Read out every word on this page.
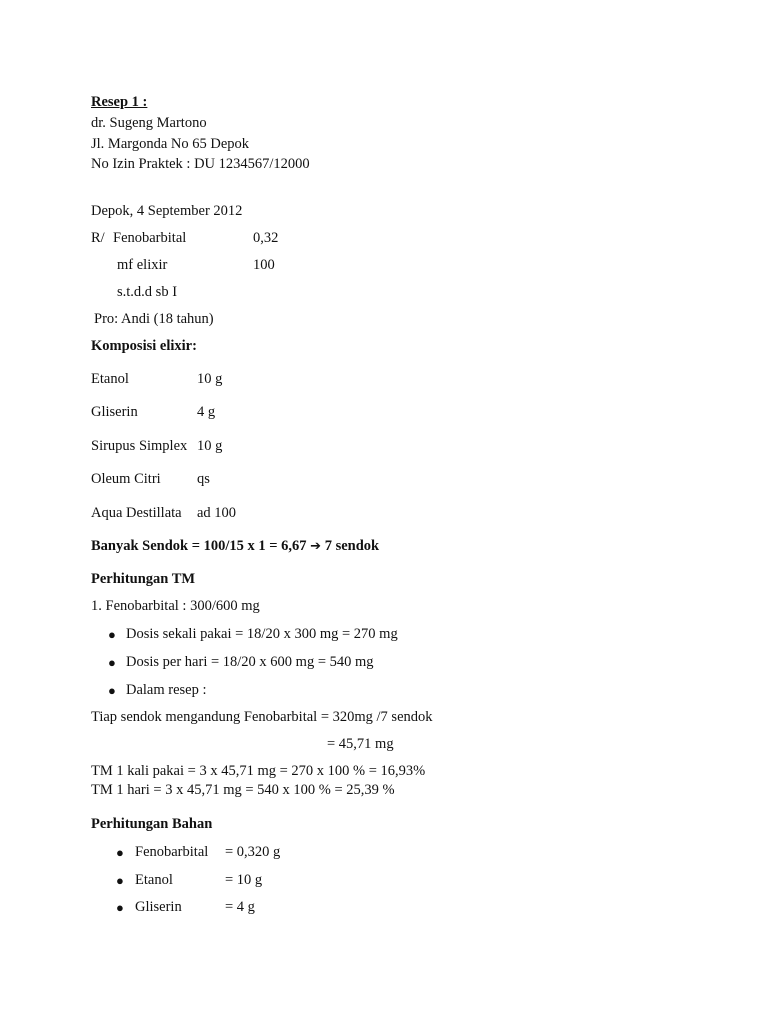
Resep 1 :
dr. Sugeng Martono
Jl. Margonda No 65 Depok
No Izin Praktek : DU 1234567/12000
Depok, 4 September 2012
R/ Fenobarbital	0,32
mf elixir	100
s.t.d.d sb I
Pro: Andi (18 tahun)
Komposisi elixir:
Etanol	10 g
Gliserin	4 g
Sirupus Simplex 10 g
Oleum Citri	qs
Aqua Destillata ad 100
Banyak Sendok = 100/15 x 1 = 6,67 ➔ 7 sendok
Perhitungan TM
1. Fenobarbital : 300/600 mg
● Dosis sekali pakai = 18/20 x 300 mg = 270 mg
● Dosis per hari = 18/20 x 600 mg = 540 mg
● Dalam resep :
Tiap sendok mengandung Fenobarbital = 320mg /7 sendok
= 45,71 mg
TM 1 kali pakai = 3 x 45,71 mg = 270 x 100 % = 16,93%
TM 1 hari = 3 x 45,71 mg = 540 x 100 % = 25,39 %
Perhitungan Bahan
● Fenobarbital = 0,320 g
● Etanol	= 10 g
● Gliserin	= 4 g
